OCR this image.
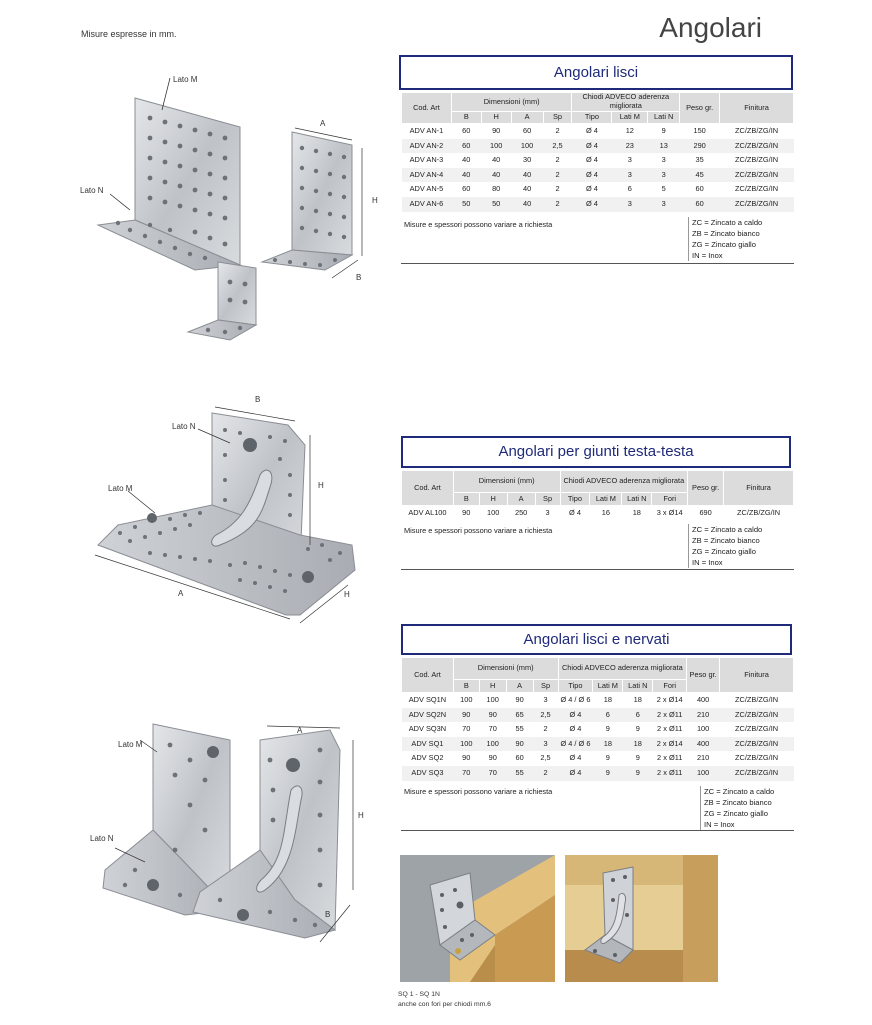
Misure espresse in mm.	Angolari
Lato M
Lato N
A
H
B
Angolari lisci
Cod. Art	Dimensioni (mm)				Chiodi ADVECO aderenza migliorata			Peso gr.	Finitura
	B	H	A	Sp	Tipo	Lati M	Lati N		
ADV AN-1	60	90	60	2	Ø 4	12	9	150	ZC/ZB/ZG/IN
ADV AN-2	60	100	100	2,5	Ø 4	23	13	290	ZC/ZB/ZG/IN
ADV AN-3	40	40	30	2	Ø 4	3	3	35	ZC/ZB/ZG/IN
ADV AN-4	40	40	40	2	Ø 4	3	3	45	ZC/ZB/ZG/IN
ADV AN-5	60	80	40	2	Ø 4	6	5	60	ZC/ZB/ZG/IN
ADV AN-6	50	50	40	2	Ø 4	3	3	60	ZC/ZB/ZG/IN
Misure e spessori possono variare a richiesta	ZC = Zincato a caldo
ZB = Zincato bianco
ZG = Zincato giallo
IN = Inox
B
Lato N
Lato M	H
A	H
Angolari per giunti testa-testa
Cod. Art	Dimensioni (mm)				Chiodi ADVECO aderenza migliorata				Peso gr.	Finitura
	B	H	A	Sp	Tipo	Lati M	Lati N	Fori		
ADV AL100	90	100	250	3	Ø 4	16	18	3 x Ø14	690	ZC/ZB/ZG/IN
Misure e spessori possono variare a richiesta	ZC = Zincato a caldo
ZB = Zincato bianco
ZG = Zincato giallo
IN = Inox
A
Lato M
H
Lato N
B
Angolari lisci e nervati
Cod. Art	Dimensioni (mm)				Chiodi ADVECO aderenza migliorata				Peso gr.	Finitura
	B	H	A	Sp	Tipo	Lati M	Lati N	Fori		
ADV SQ1N	100	100	90	3	Ø 4 / Ø 6	18	18	2 x Ø14	400	ZC/ZB/ZG/IN
ADV SQ2N	90	90	65	2,5	Ø 4	6	6	2 x Ø11	210	ZC/ZB/ZG/IN
ADV SQ3N	70	70	55	2	Ø 4	9	9	2 x Ø11	100	ZC/ZB/ZG/IN
ADV SQ1	100	100	90	3	Ø 4 / Ø 6	18	18	2 x Ø14	400	ZC/ZB/ZG/IN
ADV SQ2	90	90	60	2,5	Ø 4	9	9	2 x Ø11	210	ZC/ZB/ZG/IN
ADV SQ3	70	70	55	2	Ø 4	9	9	2 x Ø11	100	ZC/ZB/ZG/IN
Misure e spessori possono variare a richiesta	ZC = Zincato a caldo
ZB = Zincato bianco
ZG = Zincato giallo
IN = Inox
SQ 1 - SQ 1N
anche con fori per chiodi mm.6
